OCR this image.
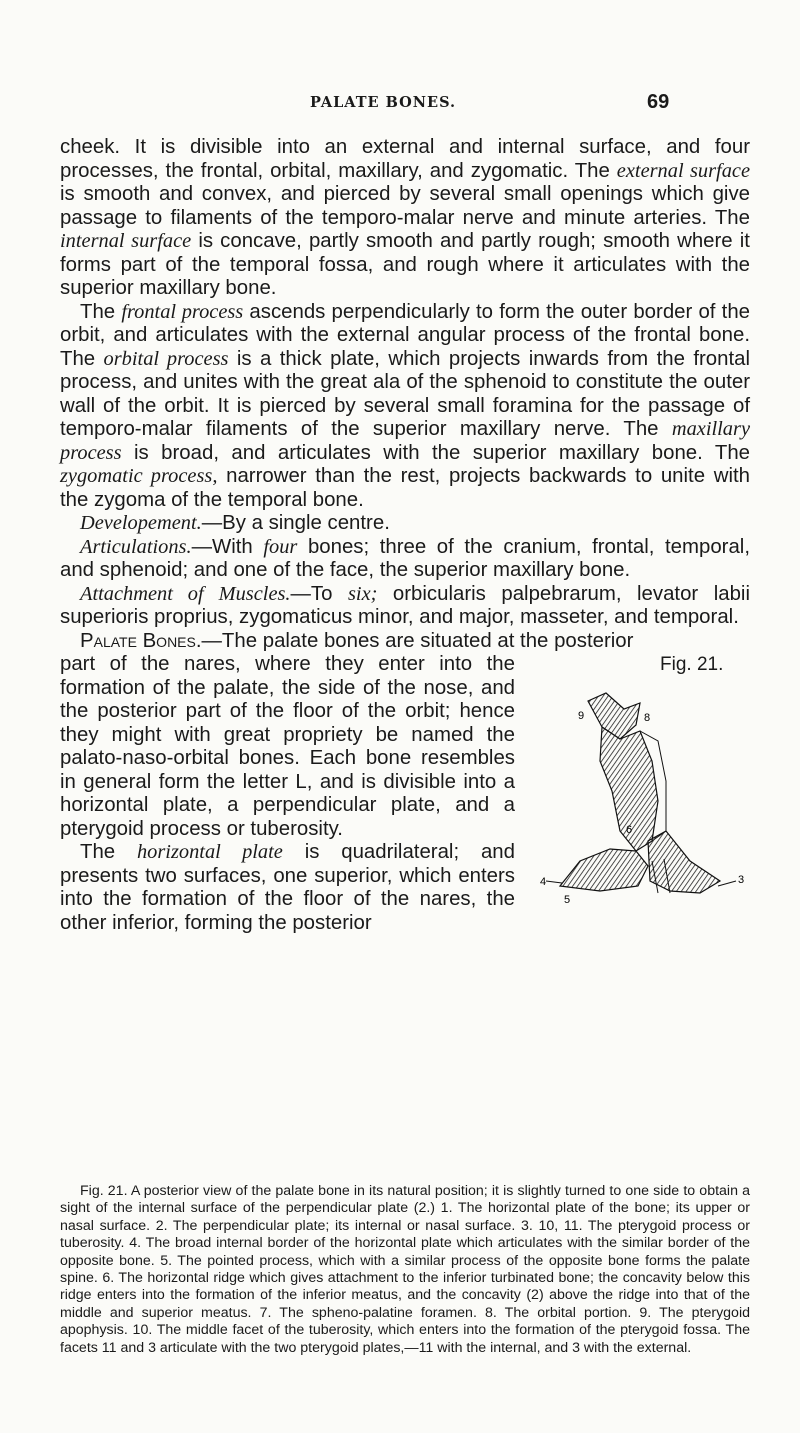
PALATE BONES.	69

cheek. It is divisible into an external and internal surface, and four processes, the frontal, orbital, maxillary, and zygomatic. The external surface is smooth and convex, and pierced by several small openings which give passage to filaments of the temporo-malar nerve and minute arteries. The internal surface is concave, partly smooth and partly rough; smooth where it forms part of the temporal fossa, and rough where it articulates with the superior maxillary bone.

The frontal process ascends perpendicularly to form the outer border of the orbit, and articulates with the external angular process of the frontal bone. The orbital process is a thick plate, which projects inwards from the frontal process, and unites with the great ala of the sphenoid to constitute the outer wall of the orbit. It is pierced by several small foramina for the passage of temporo-malar filaments of the superior maxillary nerve. The maxillary process is broad, and articulates with the superior maxillary bone. The zygomatic process, narrower than the rest, projects backwards to unite with the zygoma of the temporal bone.

Developement.—By a single centre.

Articulations.—With four bones; three of the cranium, frontal, temporal, and sphenoid; and one of the face, the superior maxillary bone.

Attachment of Muscles.—To six; orbicularis palpebrarum, levator labii superioris proprius, zygomaticus minor, and major, masseter, and temporal.

Palate Bones.—The palate bones are situated at the posterior

part of the nares, where they enter into the formation of the palate, the side of the nose, and the posterior part of the floor of the orbit; hence they might with great propriety be named the palato-naso-orbital bones. Each bone resembles in general form the letter L, and is divisible into a horizontal plate, a perpendicular plate, and a pterygoid process or tuberosity.

The horizontal plate is quadrilateral; and presents two surfaces, one superior, which enters into the formation of the floor of the nares, the other inferior, forming the posterior

Fig. 21.
9	8
6
4
5
3
Fig. 21. A posterior view of the palate bone in its natural position; it is slightly turned to one side to obtain a sight of the internal surface of the perpendicular plate (2.) 1. The horizontal plate of the bone; its upper or nasal surface. 2. The perpendicular plate; its internal or nasal surface. 3. 10, 11. The pterygoid process or tuberosity. 4. The broad internal border of the horizontal plate which articulates with the similar border of the opposite bone. 5. The pointed process, which with a similar process of the opposite bone forms the palate spine. 6. The horizontal ridge which gives attachment to the inferior turbinated bone; the concavity below this ridge enters into the formation of the inferior meatus, and the concavity (2) above the ridge into that of the middle and superior meatus. 7. The spheno-palatine foramen. 8. The orbital portion. 9. The pterygoid apophysis. 10. The middle facet of the tuberosity, which enters into the formation of the pterygoid fossa. The facets 11 and 3 articulate with the two pterygoid plates,—11 with the internal, and 3 with the external.
